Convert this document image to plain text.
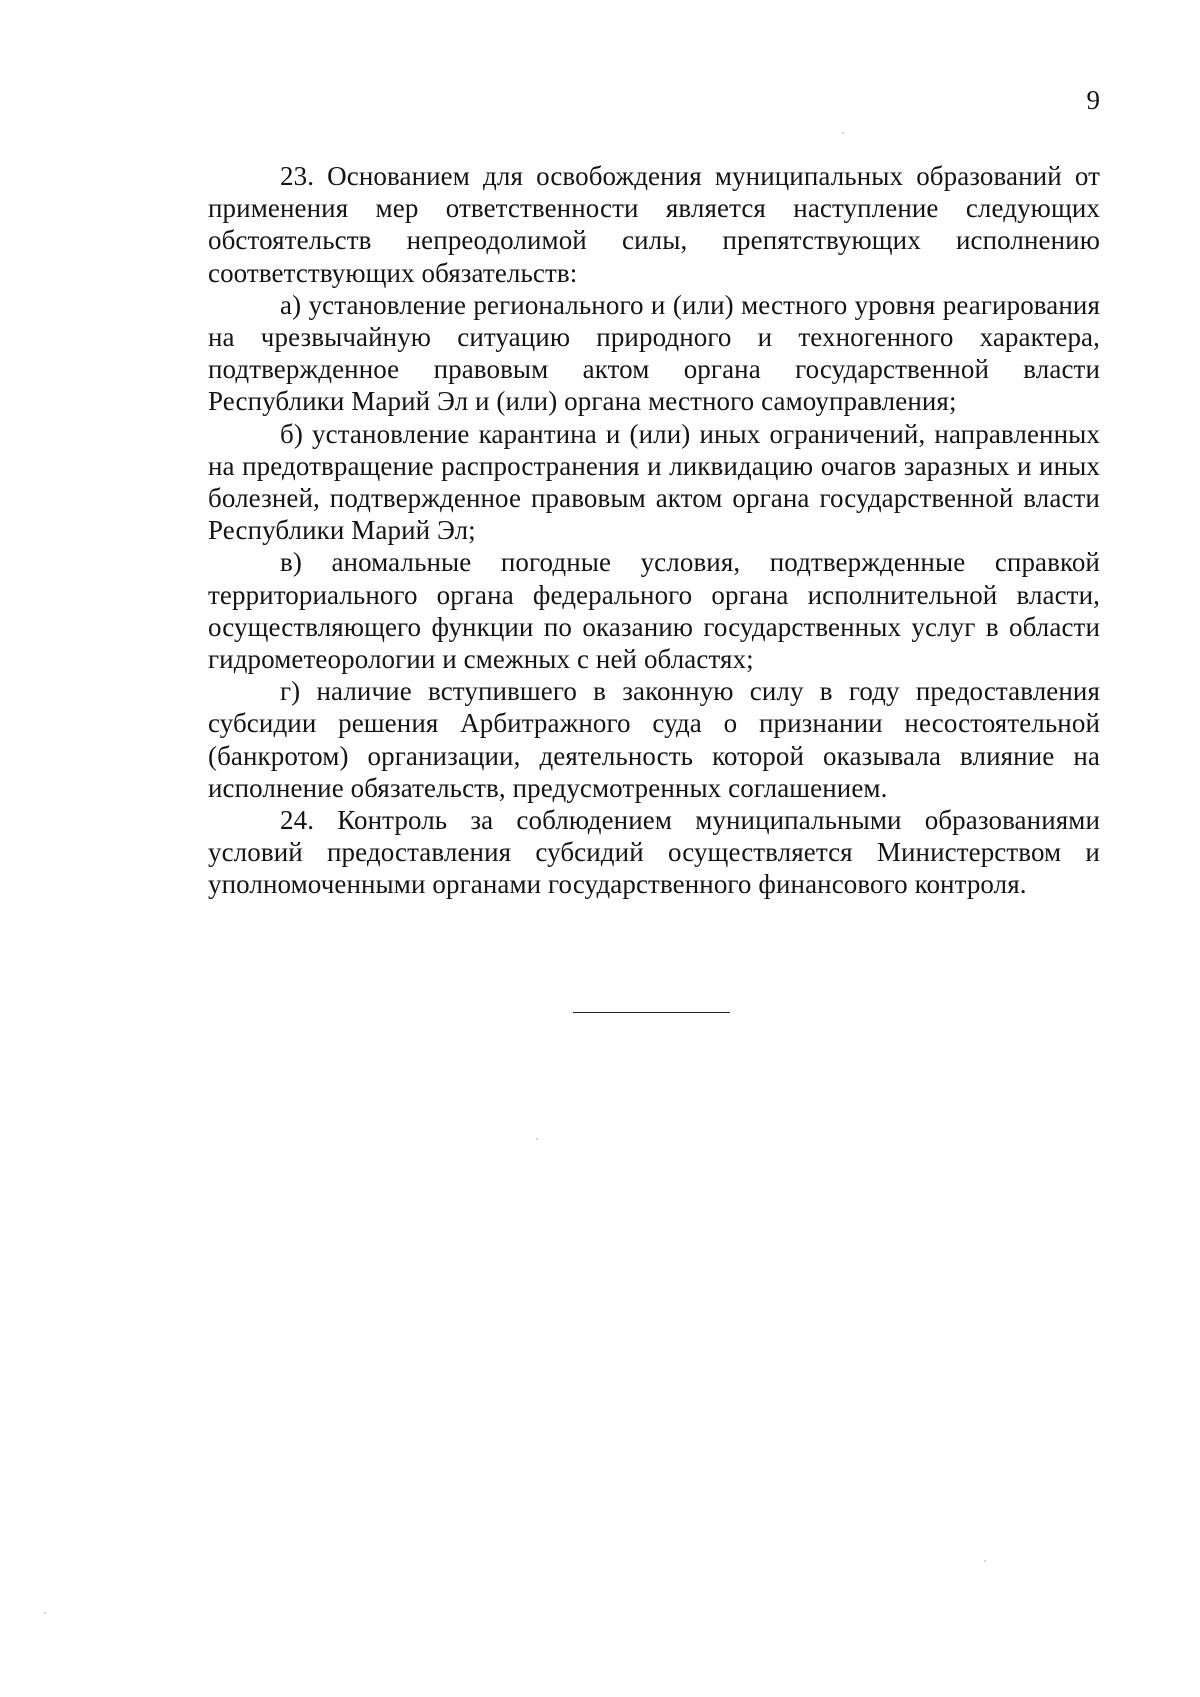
9

23. Основанием для освобождения муниципальных образований от применения мер ответственности является наступление следующих обстоятельств непреодолимой силы, препятствующих исполнению соответствующих обязательств:

а) установление регионального и (или) местного уровня реагирования на чрезвычайную ситуацию природного и техногенного характера, подтвержденное правовым актом органа государственной власти Республики Марий Эл и (или) органа местного самоуправления;

б) установление карантина и (или) иных ограничений, направленных на предотвращение распространения и ликвидацию очагов заразных и иных болезней, подтвержденное правовым актом органа государственной власти Республики Марий Эл;

в) аномальные погодные условия, подтвержденные справкой территориального органа федерального органа исполнительной власти, осуществляющего функции по оказанию государственных услуг в области гидрометеорологии и смежных с ней областях;

г) наличие вступившего в законную силу в году предоставления субсидии решения Арбитражного суда о признании несостоятельной (банкротом) организации, деятельность которой оказывала влияние на исполнение обязательств, предусмотренных соглашением.

24. Контроль за соблюдением муниципальными образованиями условий предоставления субсидий осуществляется Министерством и уполномоченными органами государственного финансового контроля.
